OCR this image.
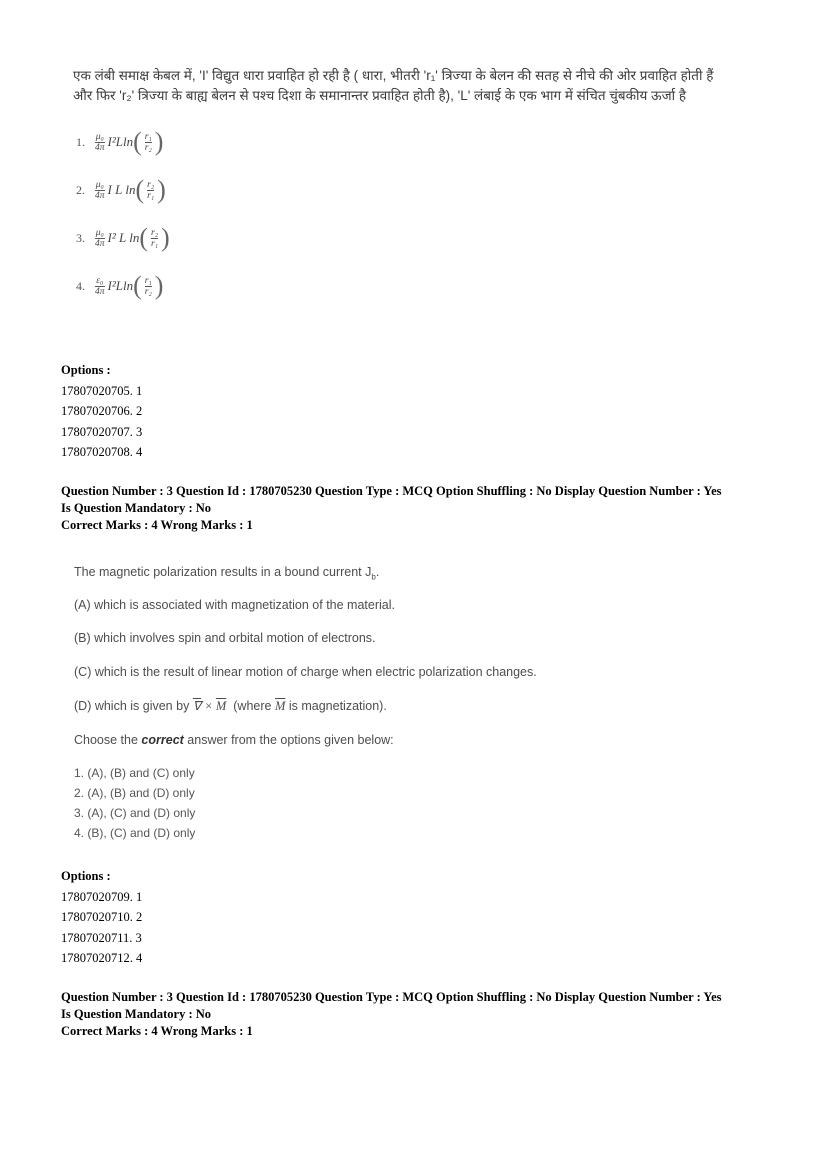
एक लंबी समाक्ष केबल में, 'I' विद्युत धारा प्रवाहित हो रही है ( धारा, भीतरी 'r₁' त्रिज्या के बेलन की सतह से नीचे की ओर प्रवाहित होती हैं
और फिर 'r₂' त्रिज्या के बाह्य बेलन से पश्च दिशा के समानान्तर प्रवाहित होती है), 'L' लंबाई के एक भाग में संचित चुंबकीय ऊर्जा है
1.	$\frac{\text{μ₀}}{4\pi} I^2Lln$ ( $\frac{\text{r₁}}{\text{r₂}}$ )
2.	$\frac{\text{μ₀}}{4\pi}$ I L ln ( $\frac{\text{r₂}}{\text{r₁}}$ )
3.	$\frac{\text{μ₀}}{4\pi} I^2$ L ln ( $\frac{\text{r₂}}{\text{r₁}}$ )
4.	$\frac{\text{ε₀}}{4\pi} I^2Lln$ ( $\frac{\text{r₁}}{\text{r₂}}$ )
Options :
17807020705. 1
17807020706. 2
17807020707. 3
17807020708. 4
Question Number : 3 Question Id : 1780705230 Question Type : MCQ Option Shuffling : No Display Question Number : Yes
Is Question Mandatory : No
Correct Marks : 4 Wrong Marks : 1
The magnetic polarization results in a bound current $J_b$.
(A) which is associated with magnetization of the material.
(B) which involves spin and orbital motion of electrons.
(C) which is the result of linear motion of charge when electric polarization changes.
(D) which is given by ∇ × $\overline{M}$ (where $\overline{M}$ is magnetization).
Choose the correct answer from the options given below:
1. (A), (B) and (C) only
2. (A), (B) and (D) only
3. (A), (C) and (D) only
4. (B), (C) and (D) only
Options :
17807020709. 1
17807020710. 2
17807020711. 3
17807020712. 4
Question Number : 3 Question Id : 1780705230 Question Type : MCQ Option Shuffling : No Display Question Number : Yes
Is Question Mandatory : No
Correct Marks : 4 Wrong Marks : 1
